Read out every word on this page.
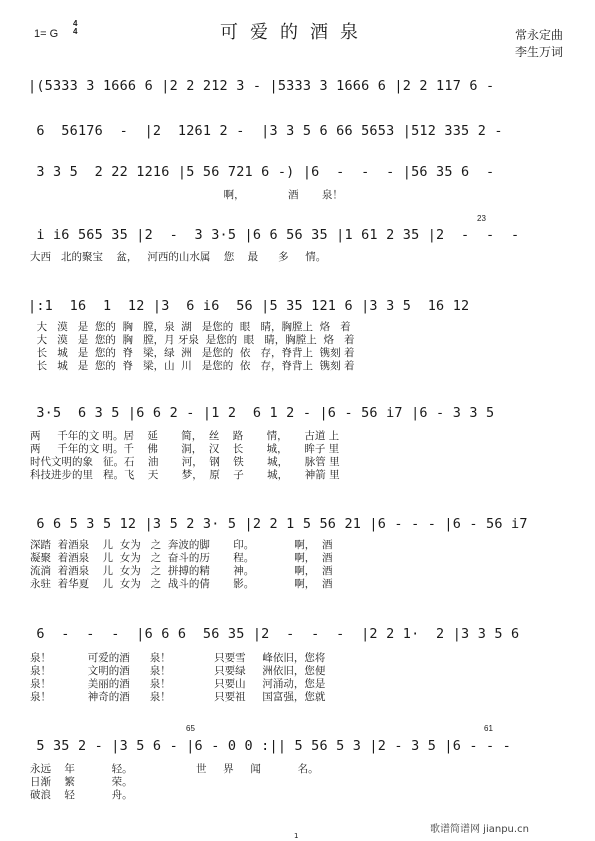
1= G
4
4	可爱的酒泉	常永定曲
李生万词
|(5333 3 1666 6 |2 2 212 3 - |5333 3 1666 6 |2 2 117 6 -
6  56176  -  |2  1261 2 -  |3 3 5 6 66 5653 |512 335 2 -
3 3 5  2 22 1216 |5 56 721 6 -) |6  -  -  - |56 35 6  -
啊，             酒       泉！
i i6 565 35 |2  -  3 3·5 |6 6 56 35 |1 61 2 35 |2  -  -  -
大西   北的聚宝    盆，   河西的山水属    您    最      多     情。
23
|:1  16  1  12 |3  6 i6  56 |5 35 121 6 |3 3 5  16 12
大   漠   是  您的  胸   膛，泉  湖   是您的  眼   睛，胸膛上  烙   着
大   漠   是  您的  胸   膛，月 牙泉  是您的  眼   睛，胸膛上  烙   着
长   城   是  您的  脊   梁，绿  洲   是您的  依   存，脊背上  镌刻 着
长   城   是  您的  脊   梁，山  川   是您的  依   存，脊背上  镌刻 着
3·5  6 3 5 |6 6 2 - |1 2  6 1 2 - |6 - 56 i7 |6 - 3 3 5
两     千年的文 明。居    延       简，  丝    路       情，     古道 上
两     千年的文 明。千    佛       洞，  汉    长       城，     眸子 里
时代文明的象   征。石    油       河，  钢    铁       城，     脉管 里
科技进步的里   程。飞    天       梦，  原    子       城，     神箭 里
6 6 5 3 5 12 |3 5 2 3· 5 |2 2 1 5 56 21 |6 - - - |6 - 56 i7
深踏  着酒泉    儿  女为   之  奔波的脚       印。            啊，  酒
凝聚  着酒泉    儿  女为   之  奋斗的历       程。            啊，  酒
流淌  着酒泉    儿  女为   之  拼搏的精       神。            啊，  酒
永驻  着华夏    儿  女为   之  战斗的倩       影。            啊，  酒
6  -  -  -  |6 6 6  56 35 |2  -  -  -  |2 2 1·  2 |3 3 5 6
泉！           可爱的酒      泉！             只要雪     峰依旧，您将
泉！           文明的酒      泉！             只要绿     洲依旧，您便
泉！           美丽的酒      泉！             只要山     河涌动，您是
泉！           神奇的酒      泉！             只要祖     国富强，您就
5 35 2 - |3 5 6 - |6 - 0 0 :|| 5 56 5 3 |2 - 3 5 |6 - - -
永远    年           轻。                   世     界     闻           名。
日渐    繁           荣。
破浪    轻           舟。
65	61
1
歌谱简谱网 jianpu.cn
